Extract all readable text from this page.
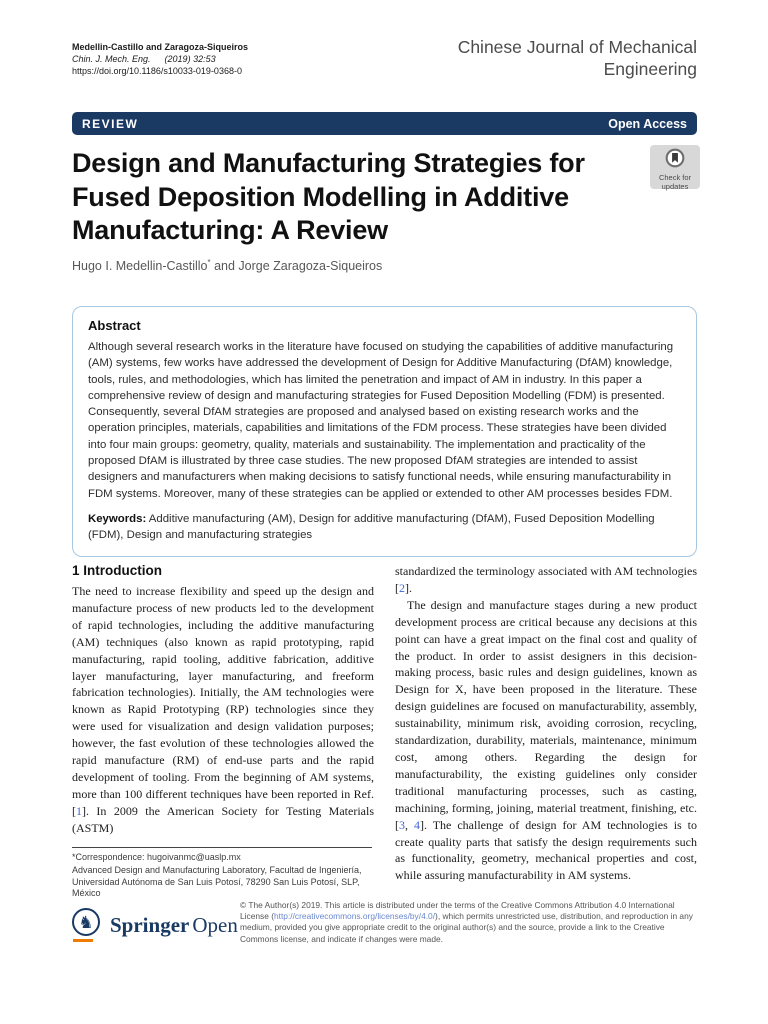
Medellin-Castillo and Zaragoza-Siqueiros
Chin. J. Mech. Eng. (2019) 32:53
https://doi.org/10.1186/s10033-019-0368-0
Chinese Journal of Mechanical Engineering
REVIEW	Open Access
Design and Manufacturing Strategies for Fused Deposition Modelling in Additive Manufacturing: A Review
Check for updates
Hugo I. Medellin-Castillo* and Jorge Zaragoza-Siqueiros
Abstract

Although several research works in the literature have focused on studying the capabilities of additive manufacturing (AM) systems, few works have addressed the development of Design for Additive Manufacturing (DfAM) knowledge, tools, rules, and methodologies, which has limited the penetration and impact of AM in industry. In this paper a comprehensive review of design and manufacturing strategies for Fused Deposition Modelling (FDM) is presented. Consequently, several DfAM strategies are proposed and analysed based on existing research works and the operation principles, materials, capabilities and limitations of the FDM process. These strategies have been divided into four main groups: geometry, quality, materials and sustainability. The implementation and practicality of the proposed DfAM is illustrated by three case studies. The new proposed DfAM strategies are intended to assist designers and manufacturers when making decisions to satisfy functional needs, while ensuring manufacturability in FDM systems. Moreover, many of these strategies can be applied or extended to other AM processes besides FDM.

Keywords: Additive manufacturing (AM), Design for additive manufacturing (DfAM), Fused Deposition Modelling (FDM), Design and manufacturing strategies

1 Introduction

The need to increase flexibility and speed up the design and manufacture process of new products led to the development of rapid technologies, including the additive manufacturing (AM) techniques (also known as rapid prototyping, rapid manufacturing, rapid tooling, additive fabrication, additive layer manufacturing, layer manufacturing, and freeform fabrication technologies). Initially, the AM technologies were known as Rapid Prototyping (RP) technologies since they were used for visualization and design validation purposes; however, the fast evolution of these technologies allowed the rapid manufacture (RM) of end-use parts and the rapid development of tooling. From the beginning of AM systems, more than 100 different techniques have been reported in Ref. [1]. In 2009 the American Society for Testing Materials (ASTM)

standardized the terminology associated with AM technologies [2].

The design and manufacture stages during a new product development process are critical because any decisions at this point can have a great impact on the final cost and quality of the product. In order to assist designers in this decision-making process, basic rules and design guidelines, known as Design for X, have been proposed in the literature. These design guidelines are focused on manufacturability, assembly, sustainability, minimum risk, avoiding corrosion, recycling, standardization, durability, materials, maintenance, minimum cost, among others. Regarding the design for manufacturability, the existing guidelines only consider traditional manufacturing processes, such as casting, machining, forming, joining, material treatment, finishing, etc. [3, 4]. The challenge of design for AM technologies is to create quality parts that satisfy the design requirements such as functionality, geometry, mechanical properties and cost, while assuring manufacturability in AM systems.

*Correspondence: hugoivanmc@uaslp.mx
Advanced Design and Manufacturing Laboratory, Facultad de Ingeniería, Universidad Autónoma de San Luis Potosí, 78290 San Luis Potosí, SLP, México
♞ Springer Open
© The Author(s) 2019. This article is distributed under the terms of the Creative Commons Attribution 4.0 International License (http://creativecommons.org/licenses/by/4.0/), which permits unrestricted use, distribution, and reproduction in any medium, provided you give appropriate credit to the original author(s) and the source, provide a link to the Creative Commons license, and indicate if changes were made.
